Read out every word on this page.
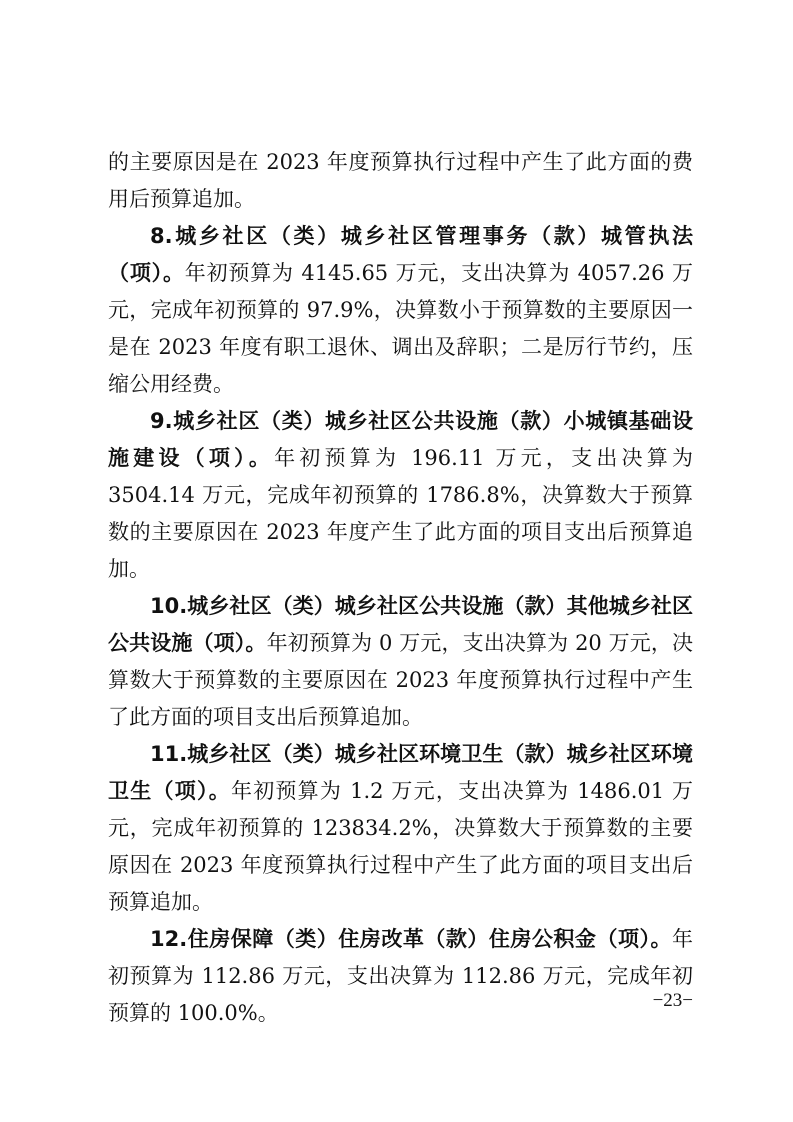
的主要原因是在 2023 年度预算执行过程中产生了此方面的费用后预算追加。

8.城乡社区（类）城乡社区管理事务（款）城管执法（项）。年初预算为 4145.65 万元，支出决算为 4057.26 万元，完成年初预算的 97.9%，决算数小于预算数的主要原因一是在 2023 年度有职工退休、调出及辞职；二是厉行节约，压缩公用经费。

9.城乡社区（类）城乡社区公共设施（款）小城镇基础设施建设（项）。年初预算为 196.11 万元，支出决算为 3504.14 万元，完成年初预算的 1786.8%，决算数大于预算数的主要原因在 2023 年度产生了此方面的项目支出后预算追加。

10.城乡社区（类）城乡社区公共设施（款）其他城乡社区公共设施（项）。年初预算为 0 万元，支出决算为 20 万元，决算数大于预算数的主要原因在 2023 年度预算执行过程中产生了此方面的项目支出后预算追加。

11.城乡社区（类）城乡社区环境卫生（款）城乡社区环境卫生（项）。年初预算为 1.2 万元，支出决算为 1486.01 万元，完成年初预算的 123834.2%，决算数大于预算数的主要原因在 2023 年度预算执行过程中产生了此方面的项目支出后预算追加。

12.住房保障（类）住房改革（款）住房公积金（项）。年初预算为 112.86 万元，支出决算为 112.86 万元，完成年初预算的 100.0%。

−23−
